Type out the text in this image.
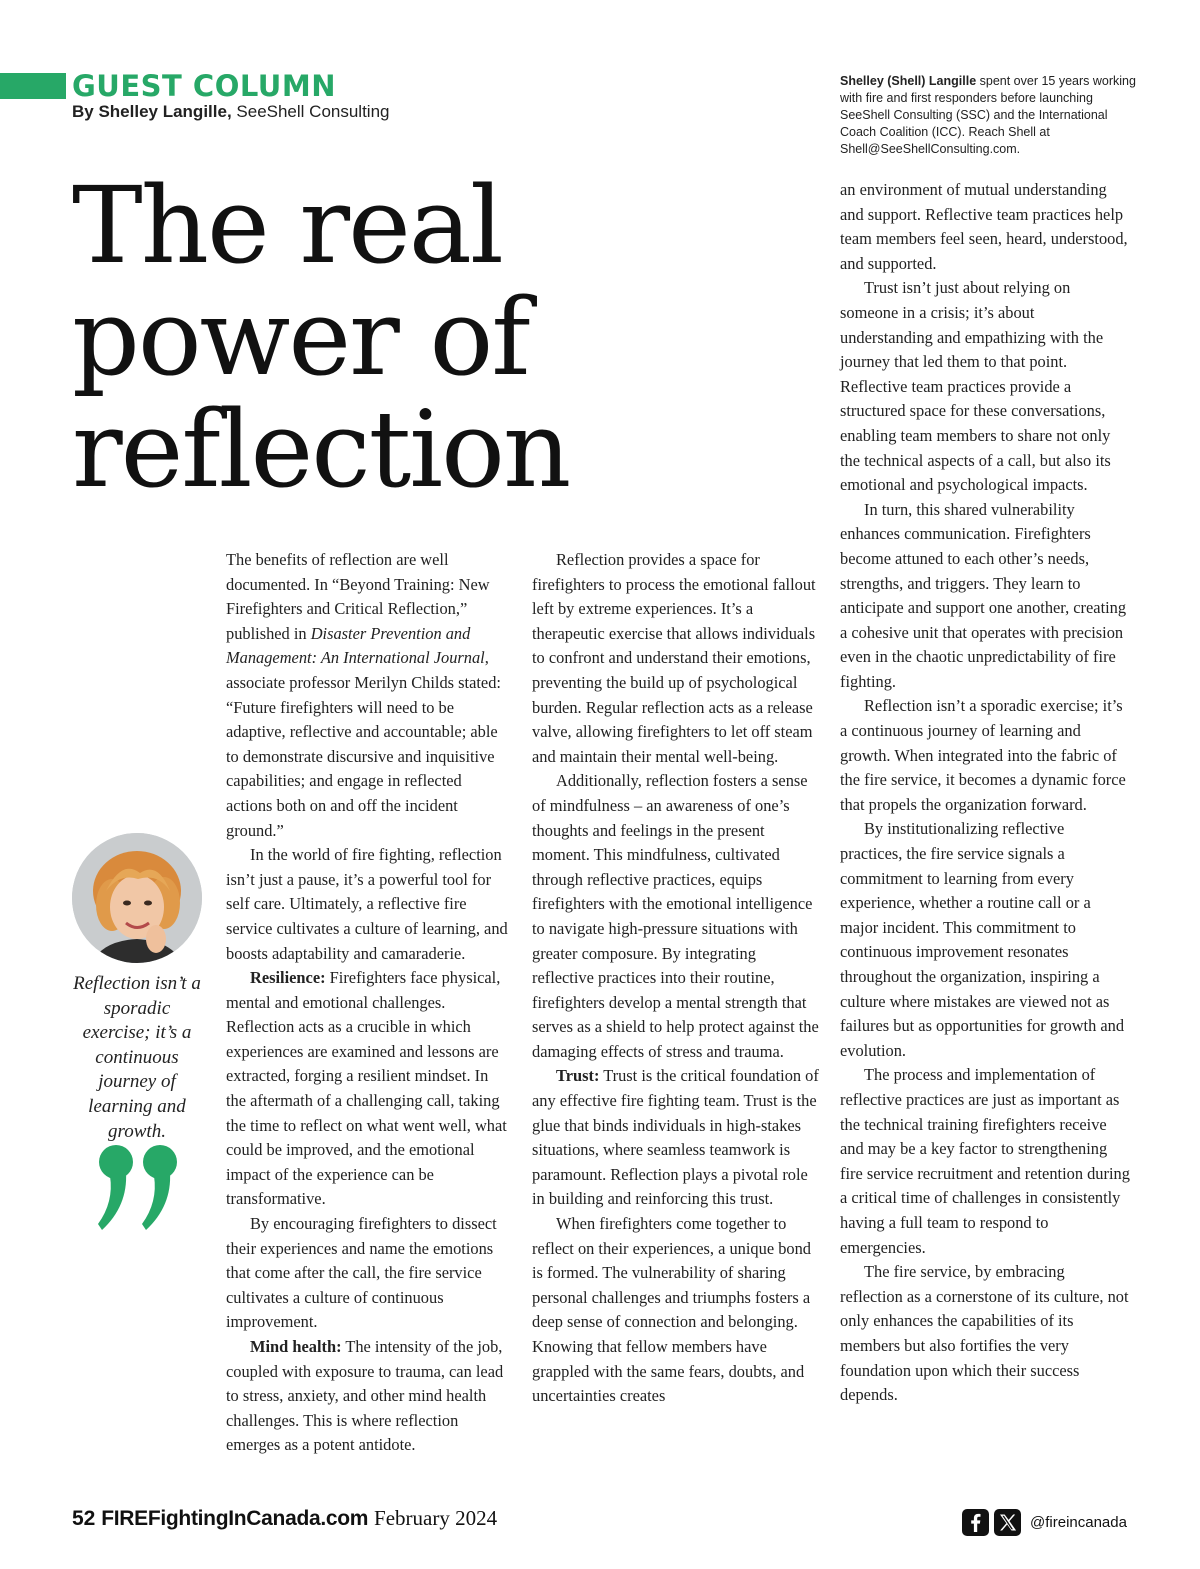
GUEST COLUMN
By Shelley Langille, SeeShell Consulting
Shelley (Shell) Langille spent over 15 years working with fire and first responders before launching SeeShell Consulting (SSC) and the International Coach Coalition (ICC). Reach Shell at Shell@SeeShellConsulting.com.
The real
power of
reflection

The benefits of reflection are well documented. In “Beyond Training: New Firefighters and Critical Reflection,” published in Disaster Prevention and Management: An International Journal, associate professor Merilyn Childs stated: “Future firefighters will need to be adaptive, reflective and accountable; able to demonstrate discursive and inquisitive capabilities; and engage in reflected actions both on and off the incident ground.”

In the world of fire fighting, reflection isn’t just a pause, it’s a powerful tool for self care. Ultimately, a reflective fire service cultivates a culture of learning, and boosts adaptability and camaraderie.

Resilience: Firefighters face physical, mental and emotional challenges. Reflection acts as a crucible in which experiences are examined and lessons are extracted, forging a resilient mindset. In the aftermath of a challenging call, taking the time to reflect on what went well, what could be improved, and the emotional impact of the experience can be transformative.

By encouraging firefighters to dissect their experiences and name the emotions that come after the call, the fire service cultivates a culture of continuous improvement.

Mind health: The intensity of the job, coupled with exposure to trauma, can lead to stress, anxiety, and other mind health challenges. This is where reflection emerges as a potent antidote.

Reflection provides a space for firefighters to process the emotional fallout left by extreme experiences. It’s a therapeutic exercise that allows individuals to confront and understand their emotions, preventing the build up of psychological burden. Regular reflection acts as a release valve, allowing firefighters to let off steam and maintain their mental well-being.

Additionally, reflection fosters a sense of mindfulness – an awareness of one’s thoughts and feelings in the present moment. This mindfulness, cultivated through reflective practices, equips firefighters with the emotional intelligence to navigate high-pressure situations with greater composure. By integrating reflective practices into their routine, firefighters develop a mental strength that serves as a shield to help protect against the damaging effects of stress and trauma.

Trust: Trust is the critical foundation of any effective fire fighting team. Trust is the glue that binds individuals in high-stakes situations, where seamless teamwork is paramount. Reflection plays a pivotal role in building and reinforcing this trust.

When firefighters come together to reflect on their experiences, a unique bond is formed. The vulnerability of sharing personal challenges and triumphs fosters a deep sense of connection and belonging. Knowing that fellow members have grappled with the same fears, doubts, and uncertainties creates

an environment of mutual understanding and support. Reflective team practices help team members feel seen, heard, understood, and supported.

Trust isn’t just about relying on someone in a crisis; it’s about understanding and empathizing with the journey that led them to that point. Reflective team practices provide a structured space for these conversations, enabling team members to share not only the technical aspects of a call, but also its emotional and psychological impacts.

In turn, this shared vulnerability enhances communication. Firefighters become attuned to each other’s needs, strengths, and triggers. They learn to anticipate and support one another, creating a cohesive unit that operates with precision even in the chaotic unpredictability of fire fighting.

Reflection isn’t a sporadic exercise; it’s a continuous journey of learning and growth. When integrated into the fabric of the fire service, it becomes a dynamic force that propels the organization forward.

By institutionalizing reflective practices, the fire service signals a commitment to learning from every experience, whether a routine call or a major incident. This commitment to continuous improvement resonates throughout the organization, inspiring a culture where mistakes are viewed not as failures but as opportunities for growth and evolution.

The process and implementation of reflective practices are just as important as the technical training firefighters receive and may be a key factor to strengthening fire service recruitment and retention during a critical time of challenges in consistently having a full team to respond to emergencies.

The fire service, by embracing reflection as a cornerstone of its culture, not only enhances the capabilities of its members but also fortifies the very foundation upon which their success depends.

Reflection isn’t a sporadic exercise; it’s a continuous journey of learning and growth.
52 FIREFightingInCanada.com February 2024	@fireincanada
